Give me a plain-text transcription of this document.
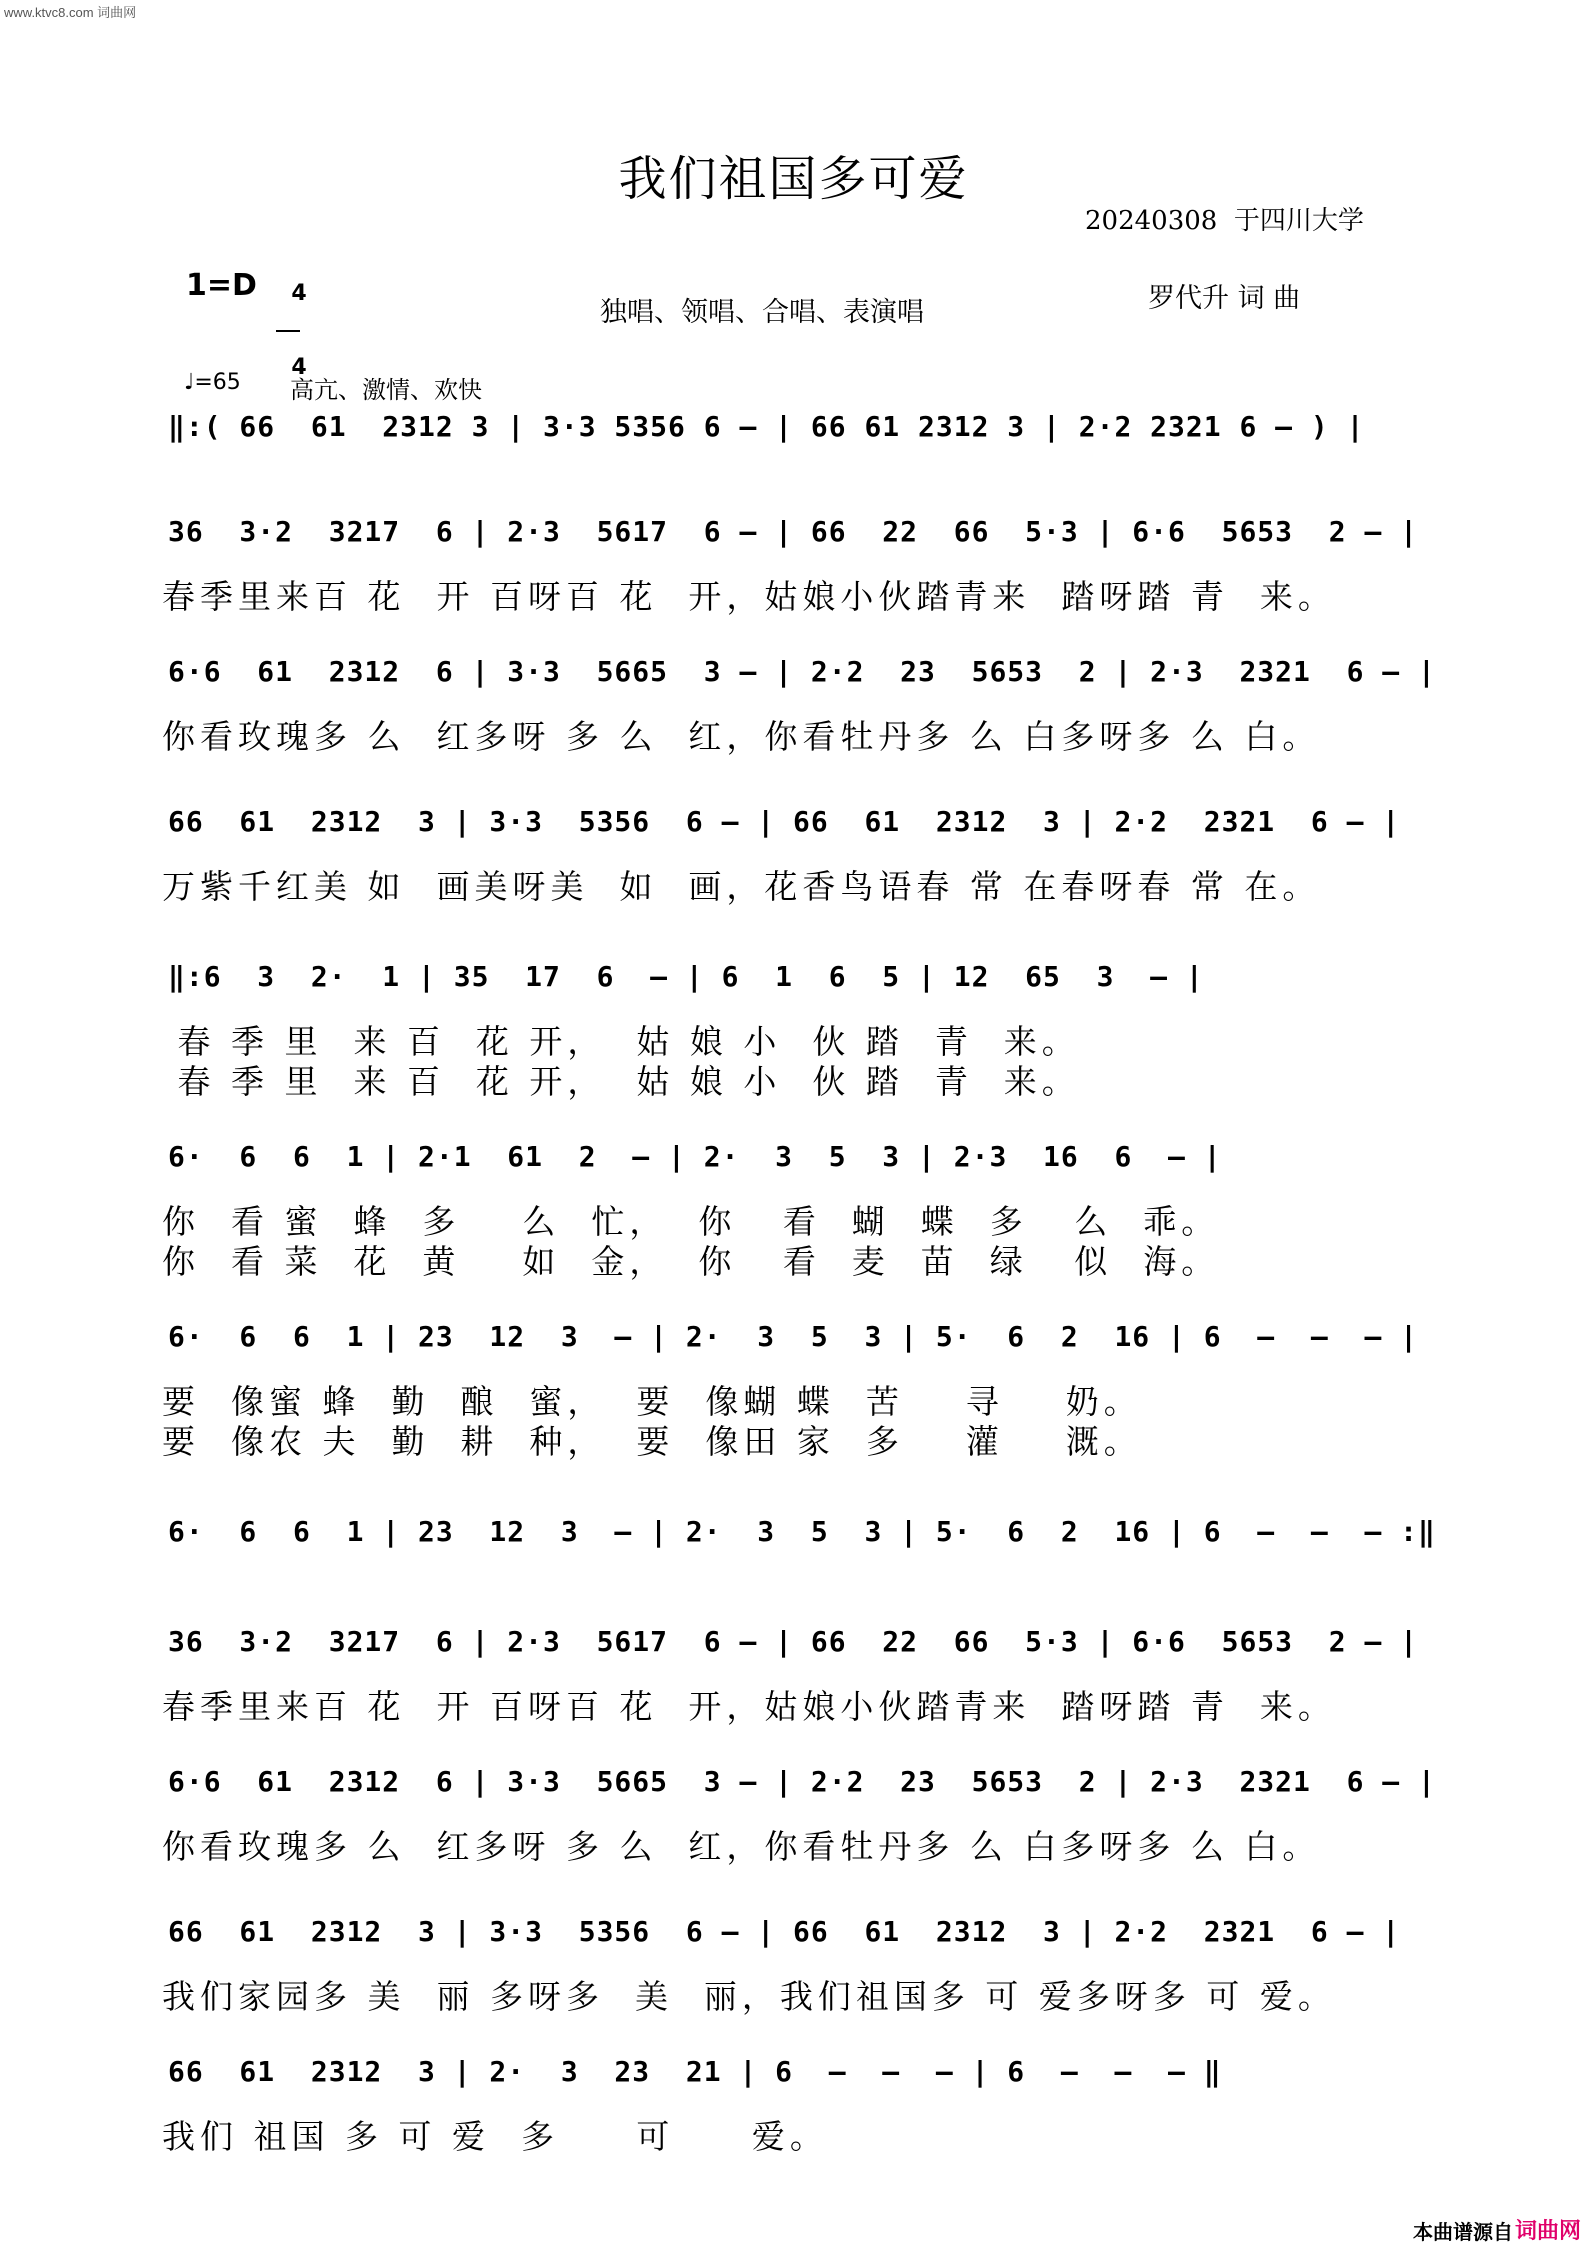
www.ktvc8.com 词曲网
我们祖国多可爱
20240308  于四川大学
1=D	4

4

独唱、领唱、合唱、表演唱	罗代升 词 曲
♩=65 高亢、激情、欢快
‖:( 66  61  2312 3 | 3·3 5356 6 – | 66 61 2312 3 | 2·2 2321 6 – ) |
36  3·2  3217  6 | 2·3  5617  6 – | 66  22  66  5·3 | 6·6  5653  2 – |
春季里来百 花  开 百呀百 花  开，姑娘小伙踏青来  踏呀踏 青  来。
6·6  61  2312  6 | 3·3  5665  3 – | 2·2  23  5653  2 | 2·3  2321  6 – |
你看玫瑰多 么  红多呀 多 么  红，你看牡丹多 么 白多呀多 么 白。
66  61  2312  3 | 3·3  5356  6 – | 66  61  2312  3 | 2·2  2321  6 – |
万紫千红美 如  画美呀美  如  画，花香鸟语春 常 在春呀春 常 在。
‖:6  3  2·  1 | 35  17  6  – | 6  1  6  5 | 12  65  3  – |
春 季 里  来 百  花 开，  姑 娘 小  伙 踏  青  来。
春 季 里  来 百  花 开，  姑 娘 小  伙 踏  青  来。
6·  6  6  1 | 2·1  61  2  – | 2·  3  5  3 | 2·3  16  6  – |
你  看 蜜  蜂  多    么  忙，  你   看  蝴  蝶  多   么  乖。
你  看 菜  花  黄    如  金，  你   看  麦  苗  绿   似  海。
6·  6  6  1 | 23  12  3  – | 2·  3  5  3 | 5·  6  2  16 | 6  –  –  – |
要  像蜜 蜂  勤  酿  蜜，  要  像蝴 蝶  苦    寻    奶。
要  像农 夫  勤  耕  种，  要  像田 家  多    灌    溉。
6·  6  6  1 | 23  12  3  – | 2·  3  5  3 | 5·  6  2  16 | 6  –  –  – :‖
36  3·2  3217  6 | 2·3  5617  6 – | 66  22  66  5·3 | 6·6  5653  2 – |
春季里来百 花  开 百呀百 花  开，姑娘小伙踏青来  踏呀踏 青  来。
6·6  61  2312  6 | 3·3  5665  3 – | 2·2  23  5653  2 | 2·3  2321  6 – |
你看玫瑰多 么  红多呀 多 么  红，你看牡丹多 么 白多呀多 么 白。
66  61  2312  3 | 3·3  5356  6 – | 66  61  2312  3 | 2·2  2321  6 – |
我们家园多 美  丽 多呀多  美  丽，我们祖国多 可 爱多呀多 可 爱。
66  61  2312  3 | 2·  3  23  21 | 6  –  –  – | 6  –  –  – ‖
我们 祖国 多 可 爱  多     可     爱。
本曲谱源自 词曲网
